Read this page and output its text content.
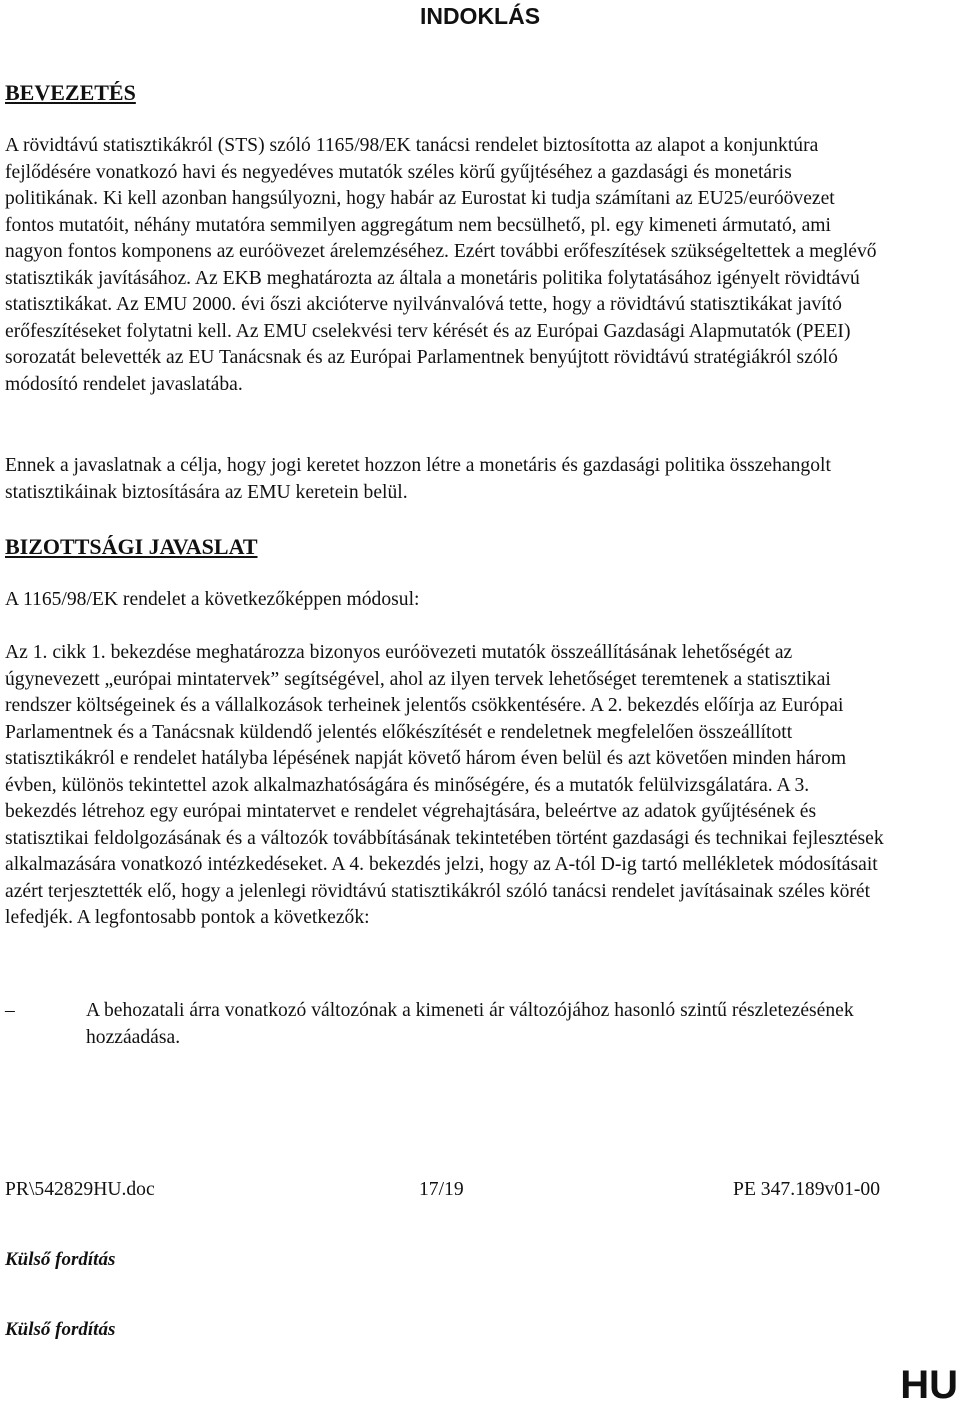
INDOKLÁS
BEVEZETÉS
A rövidtávú statisztikákról (STS) szóló 1165/98/EK tanácsi rendelet biztosította az alapot a konjunktúra fejlődésére vonatkozó havi és negyedéves mutatók széles körű gyűjtéséhez a gazdasági és monetáris politikának. Ki kell azonban hangsúlyozni, hogy habár az Eurostat ki tudja számítani az EU25/euróövezet fontos mutatóit, néhány mutatóra semmilyen aggregátum nem becsülhető, pl. egy kimeneti ármutató, ami nagyon fontos komponens az euróövezet árelemzéséhez. Ezért további erőfeszítések szükségeltettek a meglévő statisztikák javításához. Az EKB meghatározta az általa a monetáris politika folytatásához igényelt rövidtávú statisztikákat. Az EMU 2000. évi őszi akcióterve nyilvánvalóvá tette, hogy a rövidtávú statisztikákat javító erőfeszítéseket folytatni kell. Az EMU cselekvési terv kérését és az Európai Gazdasági Alapmutatók (PEEI) sorozatát belevették az EU Tanácsnak és az Európai Parlamentnek benyújtott rövidtávú stratégiákról szóló módosító rendelet javaslatába.
Ennek a javaslatnak a célja, hogy jogi keretet hozzon létre a monetáris és gazdasági politika összehangolt statisztikáinak biztosítására az EMU keretein belül.
BIZOTTSÁGI JAVASLAT
A 1165/98/EK rendelet a következőképpen módosul:
Az 1. cikk 1. bekezdése meghatározza bizonyos euróövezeti mutatók összeállításának lehetőségét az úgynevezett „európai mintatervek” segítségével, ahol az ilyen tervek lehetőséget teremtenek a statisztikai rendszer költségeinek és a vállalkozások terheinek jelentős csökkentésére. A 2. bekezdés előírja az Európai Parlamentnek és a Tanácsnak küldendő jelentés előkészítését e rendeletnek megfelelően összeállított statisztikákról e rendelet hatályba lépésének napját követő három éven belül és azt követően minden három évben, különös tekintettel azok alkalmazhatóságára és minőségére, és a mutatók felülvizsgálatára. A 3. bekezdés létrehoz egy európai mintatervet e rendelet végrehajtására, beleértve az adatok gyűjtésének és statisztikai feldolgozásának és a változók továbbításának tekintetében történt gazdasági és technikai fejlesztések alkalmazására vonatkozó intézkedéseket. A 4. bekezdés jelzi, hogy az A-tól D-ig tartó mellékletek módosításait azért terjesztették elő, hogy a jelenlegi rövidtávú statisztikákról szóló tanácsi rendelet javításainak széles körét lefedjék. A legfontosabb pontok a következők:
–	A behozatali árra vonatkozó változónak a kimeneti ár változójához hasonló szintű részletezésének hozzáadása.
PR\542829HU.doc	17/19	PE 347.189v01-00
Külső fordítás
Külső fordítás
HU
